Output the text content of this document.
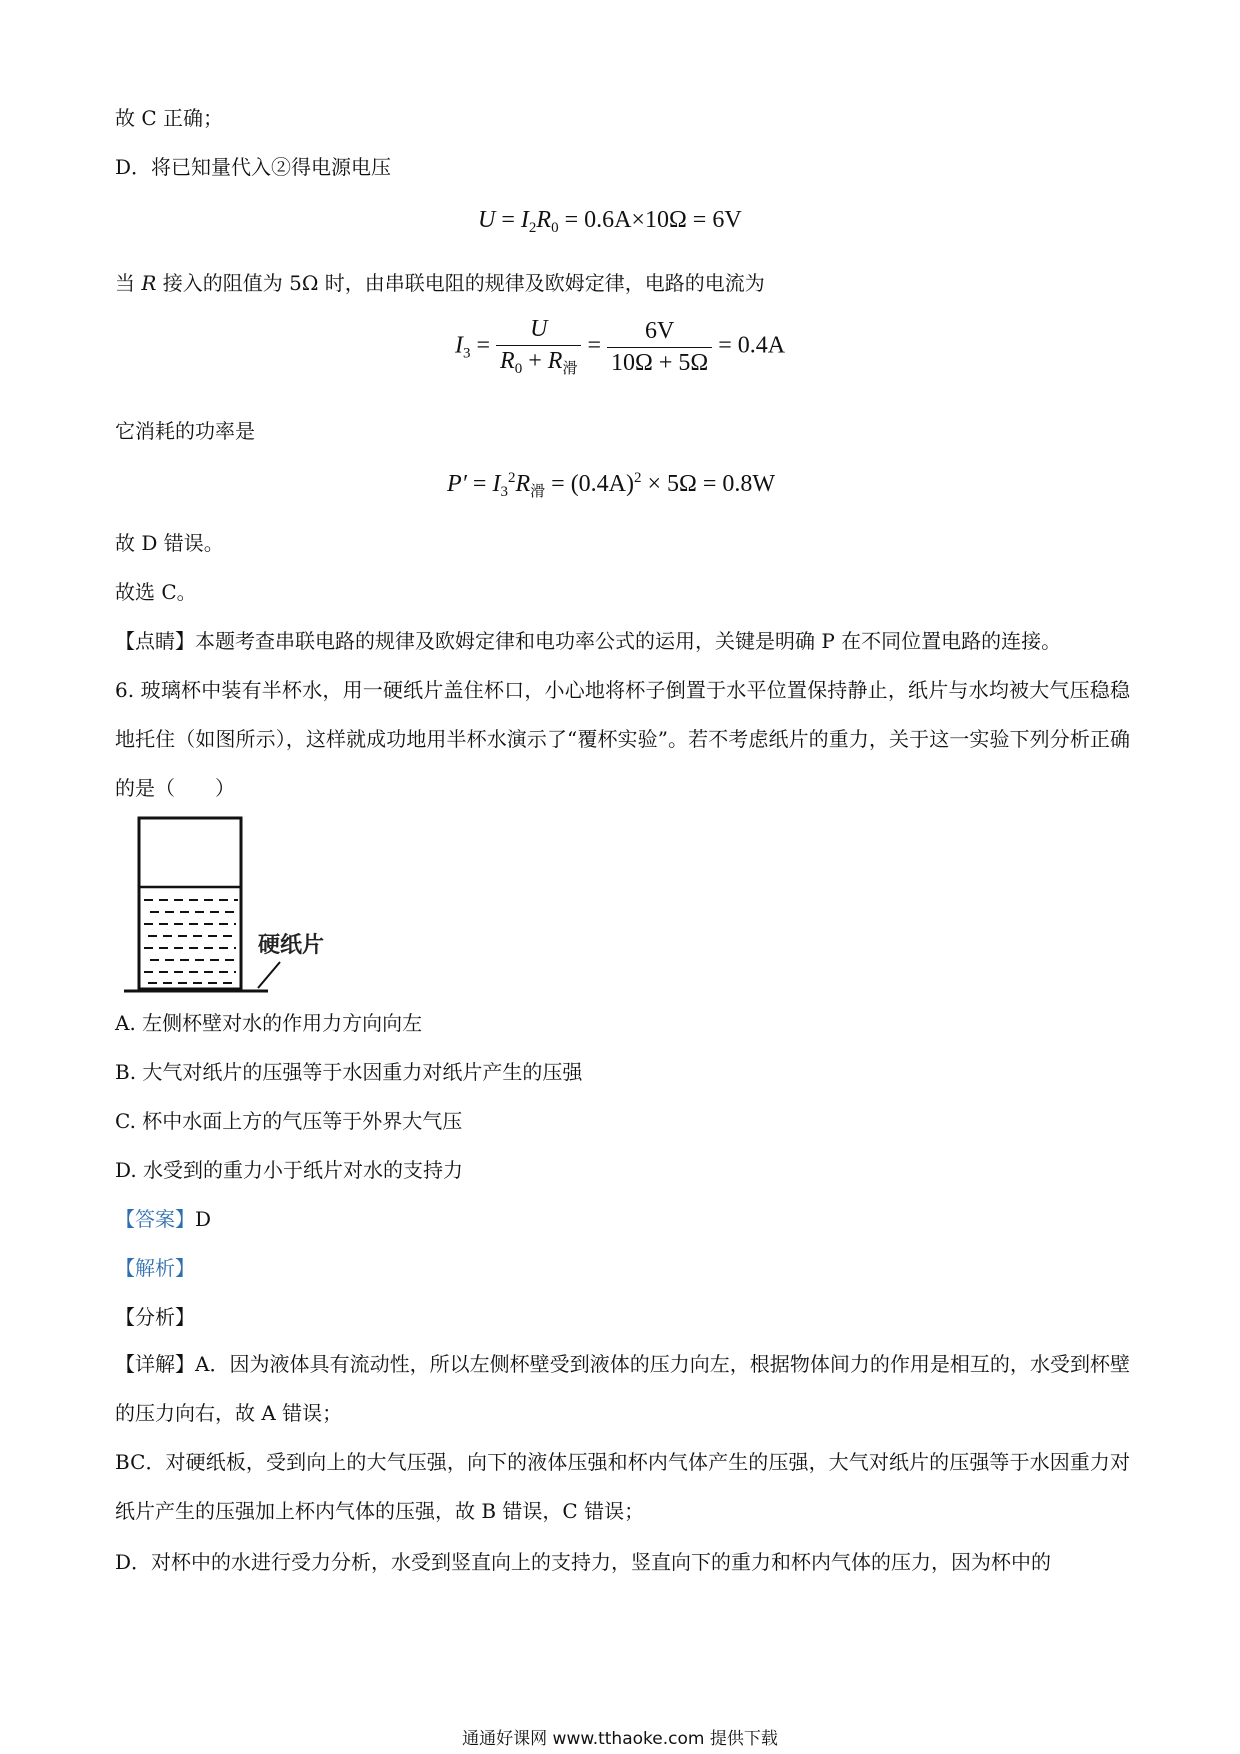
故 C 正确；
D．将已知量代入②得电源电压
$U = I_2R_0 = 0.6A\times 10\Omega = 6V$
当 R 接入的阻值为 5Ω 时，由串联电阻的规律及欧姆定律，电路的电流为
$I_3 = \frac{U}{R_0 + R_滑} = \frac{6V}{10\Omega + 5\Omega} = 0.4A$
它消耗的功率是
$P' = I_3^2R_滑 = (0.4A)^2 \times 5\Omega = 0.8W$
故 D 错误。
故选 C。
【点睛】本题考查串联电路的规律及欧姆定律和电功率公式的运用，关键是明确 P 在不同位置电路的连接。
6. 玻璃杯中装有半杯水，用一硬纸片盖住杯口，小心地将杯子倒置于水平位置保持静止，纸片与水均被大气压稳稳地托住（如图所示），这样就成功地用半杯水演示了“覆杯实验”。若不考虑纸片的重力，关于这一实验下列分析正确的是（　　）
硬纸片
A. 左侧杯壁对水的作用力方向向左
B. 大气对纸片的压强等于水因重力对纸片产生的压强
C. 杯中水面上方的气压等于外界大气压
D. 水受到的重力小于纸片对水的支持力
【答案】D
【解析】
【分析】
【详解】A．因为液体具有流动性，所以左侧杯壁受到液体的压力向左，根据物体间力的作用是相互的，水受到杯壁的压力向右，故 A 错误；
BC．对硬纸板，受到向上的大气压强，向下的液体压强和杯内气体产生的压强，大气对纸片的压强等于水因重力对纸片产生的压强加上杯内气体的压强，故 B 错误，C 错误；
D．对杯中的水进行受力分析，水受到竖直向上的支持力，竖直向下的重力和杯内气体的压力，因为杯中的
通通好课网 www.tthaoke.com 提供下载
